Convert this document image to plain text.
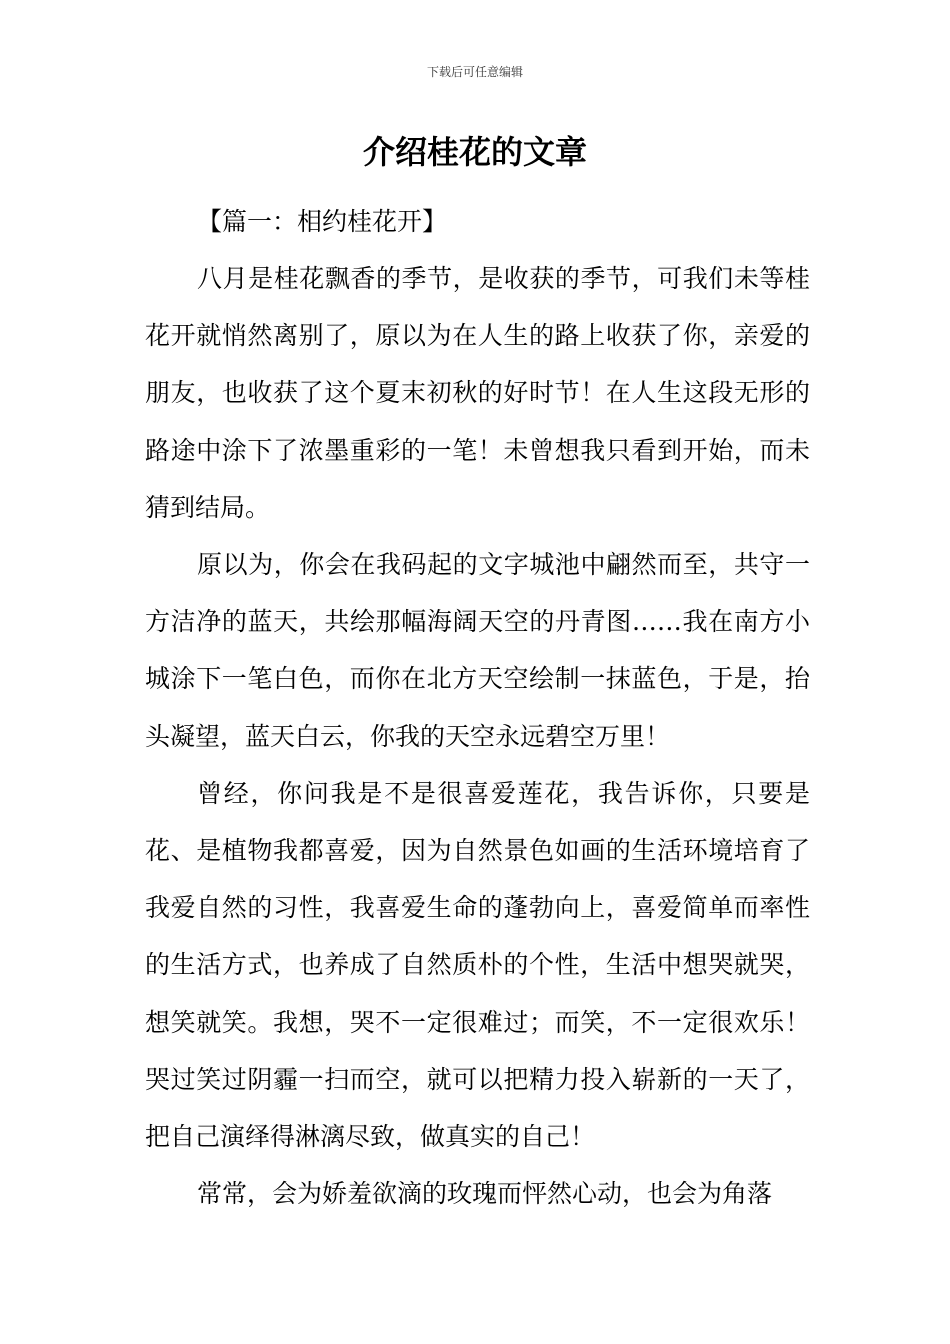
下载后可任意编辑
介绍桂花的文章

【篇一：相约桂花开】

八月是桂花飘香的季节，是收获的季节，可我们未等桂花开就悄然离别了，原以为在人生的路上收获了你，亲爱的朋友，也收获了这个夏末初秋的好时节！在人生这段无形的路途中涂下了浓墨重彩的一笔！未曾想我只看到开始，而未猜到结局。

原以为，你会在我码起的文字城池中翩然而至，共守一方洁净的蓝天，共绘那幅海阔天空的丹青图……我在南方小城涂下一笔白色，而你在北方天空绘制一抹蓝色，于是，抬头凝望，蓝天白云，你我的天空永远碧空万里！

曾经，你问我是不是很喜爱莲花，我告诉你，只要是花、是植物我都喜爱，因为自然景色如画的生活环境培育了我爱自然的习性，我喜爱生命的蓬勃向上，喜爱简单而率性的生活方式，也养成了自然质朴的个性，生活中想哭就哭，想笑就笑。我想，哭不一定很难过；而笑，不一定很欢乐！哭过笑过阴霾一扫而空，就可以把精力投入崭新的一天了，把自己演绎得淋漓尽致，做真实的自己！

常常，会为娇羞欲滴的玫瑰而怦然心动，也会为角落
